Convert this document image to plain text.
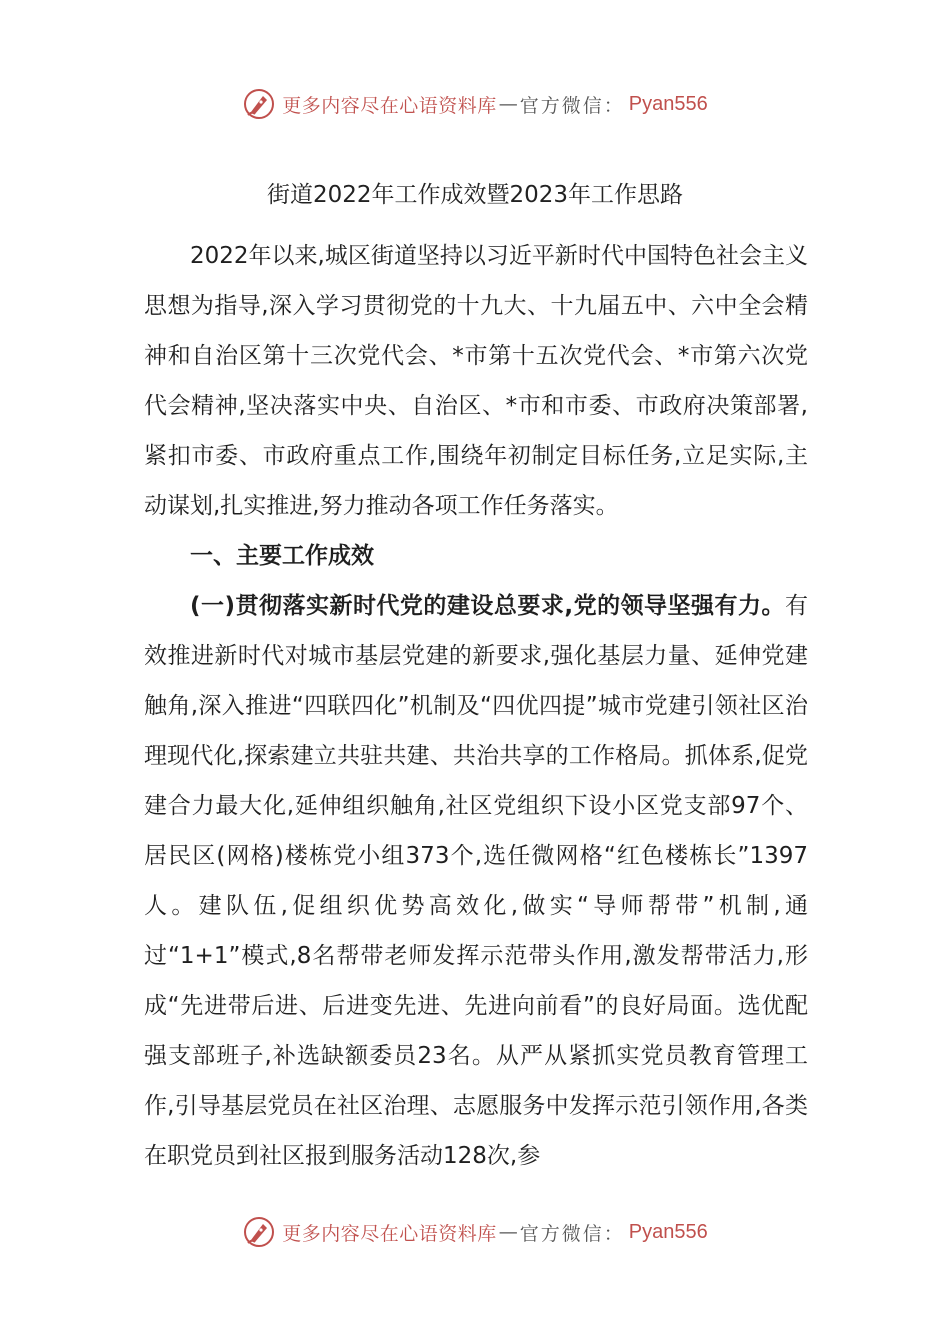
更多内容尽在心语资料库 — 官方微信： Pyan556
街道2022年工作成效暨2023年工作思路

2022年以来,城区街道坚持以习近平新时代中国特色社会主义思想为指导,深入学习贯彻党的十九大、十九届五中、六中全会精神和自治区第十三次党代会、*市第十五次党代会、*市第六次党代会精神,坚决落实中央、自治区、*市和市委、市政府决策部署,紧扣市委、市政府重点工作,围绕年初制定目标任务,立足实际,主动谋划,扎实推进,努力推动各项工作任务落实。

一、主要工作成效

(一)贯彻落实新时代党的建设总要求,党的领导坚强有力。有效推进新时代对城市基层党建的新要求,强化基层力量、延伸党建触角,深入推进“四联四化”机制及“四优四提”城市党建引领社区治理现代化,探索建立共驻共建、共治共享的工作格局。抓体系,促党建合力最大化,延伸组织触角,社区党组织下设小区党支部97个、居民区(网格)楼栋党小组373个,选任微网格“红色楼栋长”1397人。建队伍,促组织优势高效化,做实“导师帮带”机制,通过“1+1”模式,8名帮带老师发挥示范带头作用,激发帮带活力,形成“先进带后进、后进变先进、先进向前看”的良好局面。选优配强支部班子,补选缺额委员23名。从严从紧抓实党员教育管理工作,引导基层党员在社区治理、志愿服务中发挥示范引领作用,各类在职党员到社区报到服务活动128次,参

更多内容尽在心语资料库 — 官方微信： Pyan556
